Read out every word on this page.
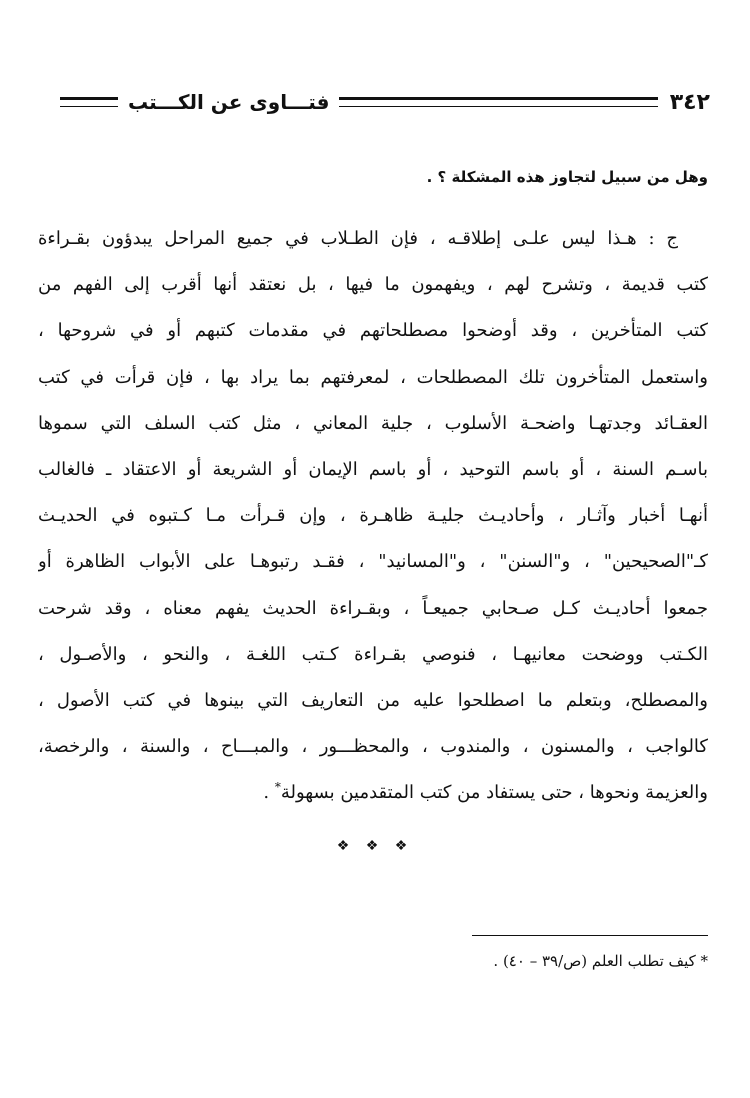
٣٤٢
فتـــاوى عن الكـــتب
وهل من سبيل لتجاوز هذه المشكلة ؟ .
ج : هـذا ليس علـى إطلاقـه ، فإن الطـلاب في جميع المراحل يبدؤون بقـراءة
كتب قديمة ، وتشرح لهم ، ويفهمون ما فيها ، بل نعتقد أنها أقرب إلى الفهم من
كتب المتأخرين ، وقد أوضحوا مصطلحاتهم في مقدمات كتبهم أو في شروحها ،
واستعمل المتأخرون تلك المصطلحات ، لمعرفتهم بما يراد بها ، فإن قرأت في كتب
العقـائد وجدتهـا واضحـة الأسلوب ، جلية المعاني ، مثل كتب السلف التي سموها
باسـم السنة ، أو باسم التوحيد ، أو باسم الإيمان أو الشريعة أو الاعتقاد ـ فالغالب
أنهـا أخبار وآثـار ، وأحاديـث جليـة ظاهـرة ، وإن قـرأت مـا كـتبوه في الحديـث
كـ"الصحيحين" ، و"السنن" ، و"المسانيد" ، فقـد رتبوهـا على الأبواب الظاهرة أو
جمعوا أحاديـث كـل صـحابي جميعـاً ، وبقـراءة الحديث يفهم معناه ، وقد شرحت
الكـتب ووضحت معانيهـا ، فنوصي بقـراءة كـتب اللغـة ، والنحو ، والأصـول ،
والمصطلح، وبتعلم ما اصطلحوا عليه من التعاريف التي بينوها في كتب الأصول ،
كالواجب ، والمسنون ، والمندوب ، والمحظـــور ، والمبـــاح ، والسنة ، والرخصة،
والعزيمة ونحوها ، حتى يستفاد من كتب المتقدمين بسهولة* .
❖ ❖ ❖
* كيف تطلب العلم (ص/٣٩ – ٤٠) .
